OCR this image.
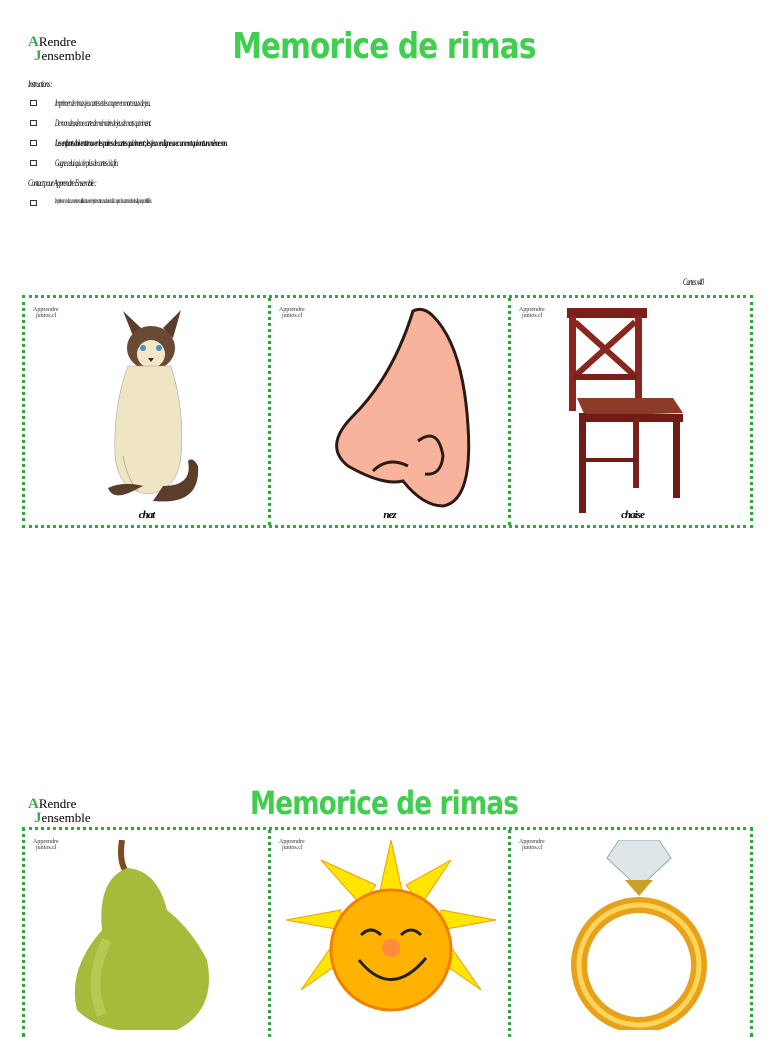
ARendre
Jensemble	Memorice de rimas
Instructions :
Imprimer de rimas jeu cartes et les couper en morceaux de jeu.
De mon deuxième carte de mémoire de jeu de mots qui riment.
Les enfants doivent trouver les paires de cartes qui riment ; les jeux en ligne avec un mot qui ont un même son.
Gagne celui qui a le plus de cartes à la fin.
Contact pour Apprendre Ensemble :
Imprimer ce document en utilisant une imprimante couleur et découper les cartes selon les lignes pointillées.
Cartes x40
Apprendre
juntos.cl
chat
Apprendre
juntos.cl
nez
Apprendre
juntos.cl
chaise
ARendre
Jensemble	Memorice de rimas
Apprendre
juntos.cl
Apprendre
juntos.cl
Apprendre
juntos.cl
